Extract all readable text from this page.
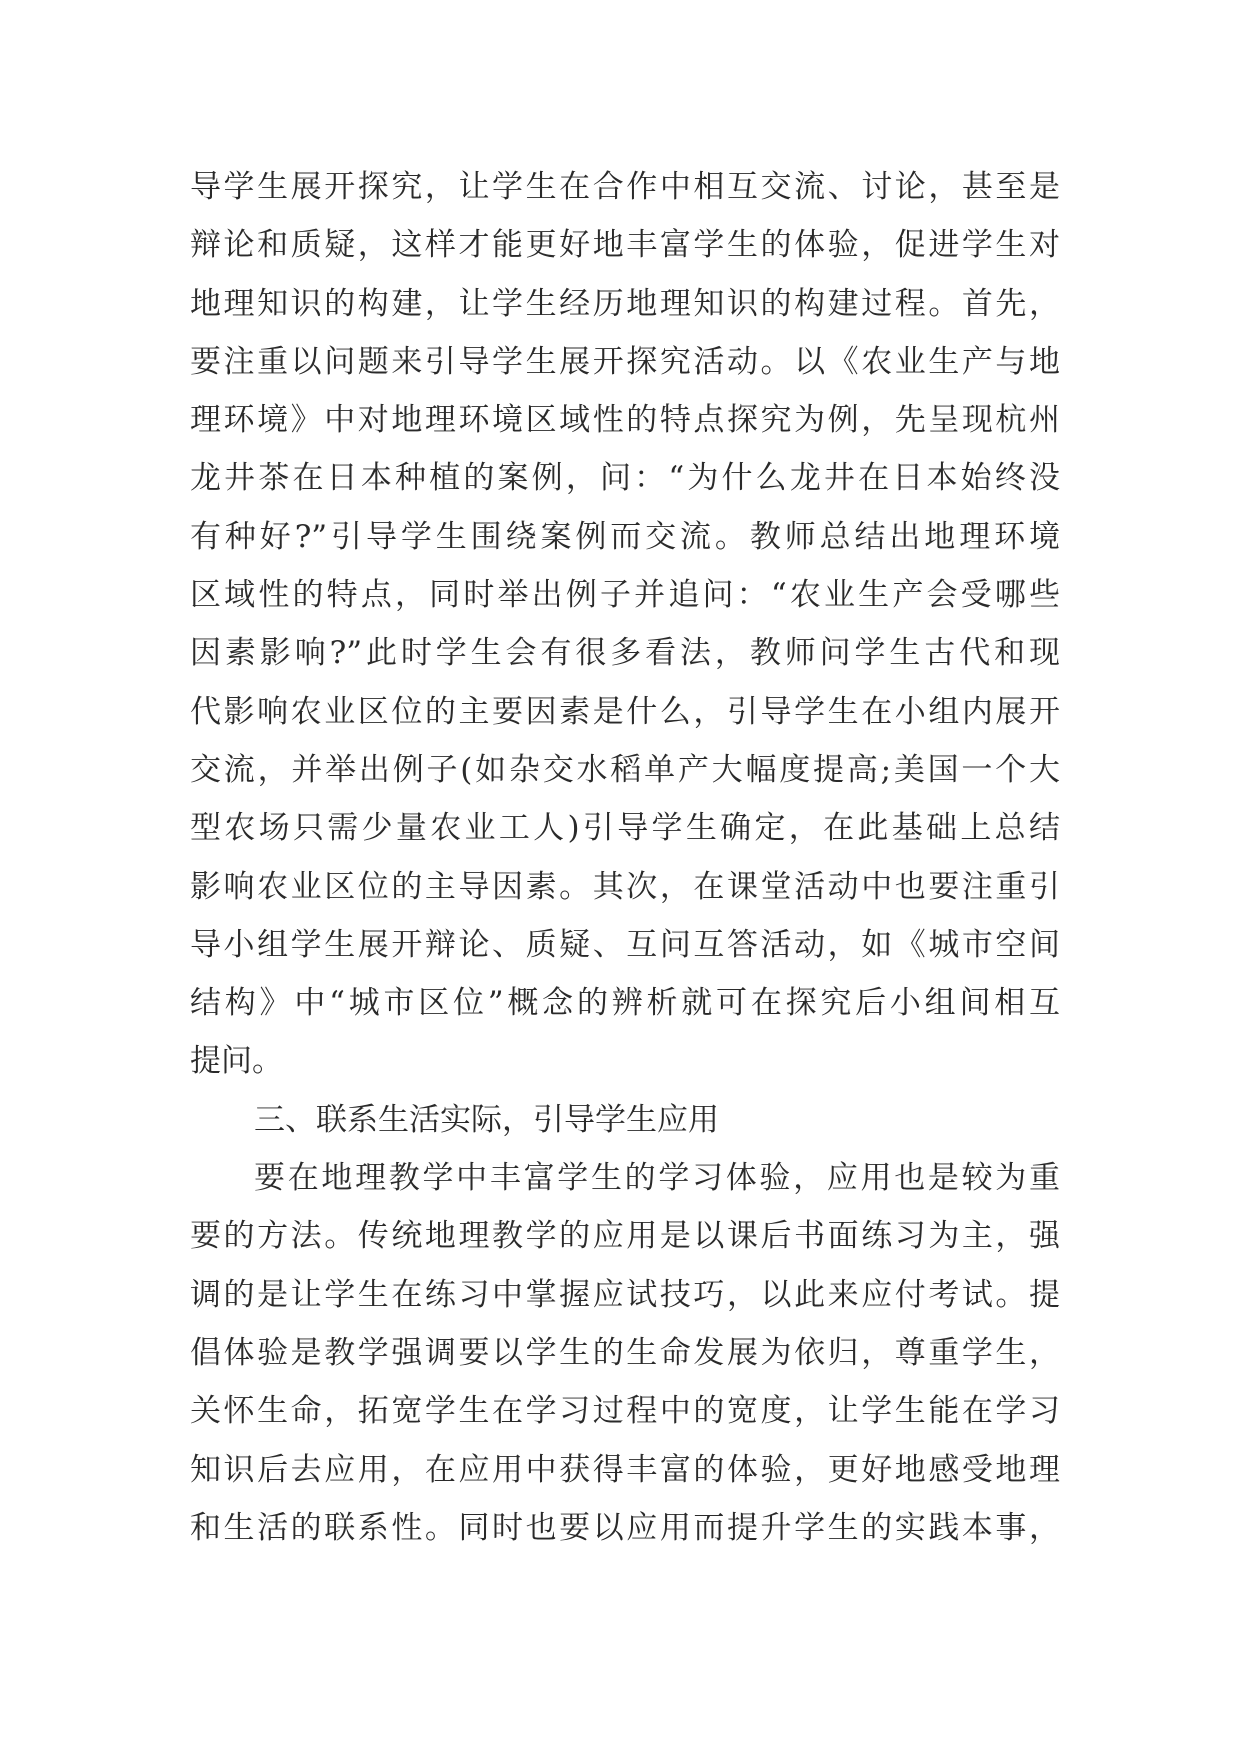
导学生展开探究，让学生在合作中相互交流、讨论，甚至是
辩论和质疑，这样才能更好地丰富学生的体验，促进学生对
地理知识的构建，让学生经历地理知识的构建过程。首先，
要注重以问题来引导学生展开探究活动。以《农业生产与地
理环境》中对地理环境区域性的特点探究为例，先呈现杭州
龙井茶在日本种植的案例，问：“为什么龙井在日本始终没
有种好?”引导学生围绕案例而交流。教师总结出地理环境
区域性的特点，同时举出例子并追问：“农业生产会受哪些
因素影响?”此时学生会有很多看法，教师问学生古代和现
代影响农业区位的主要因素是什么，引导学生在小组内展开
交流，并举出例子(如杂交水稻单产大幅度提高;美国一个大
型农场只需少量农业工人)引导学生确定，在此基础上总结
影响农业区位的主导因素。其次，在课堂活动中也要注重引
导小组学生展开辩论、质疑、互问互答活动，如《城市空间
结构》中“城市区位”概念的辨析就可在探究后小组间相互
提问。
三、联系生活实际，引导学生应用
要在地理教学中丰富学生的学习体验，应用也是较为重
要的方法。传统地理教学的应用是以课后书面练习为主，强
调的是让学生在练习中掌握应试技巧，以此来应付考试。提
倡体验是教学强调要以学生的生命发展为依归，尊重学生，
关怀生命，拓宽学生在学习过程中的宽度，让学生能在学习
知识后去应用，在应用中获得丰富的体验，更好地感受地理
和生活的联系性。同时也要以应用而提升学生的实践本事，
